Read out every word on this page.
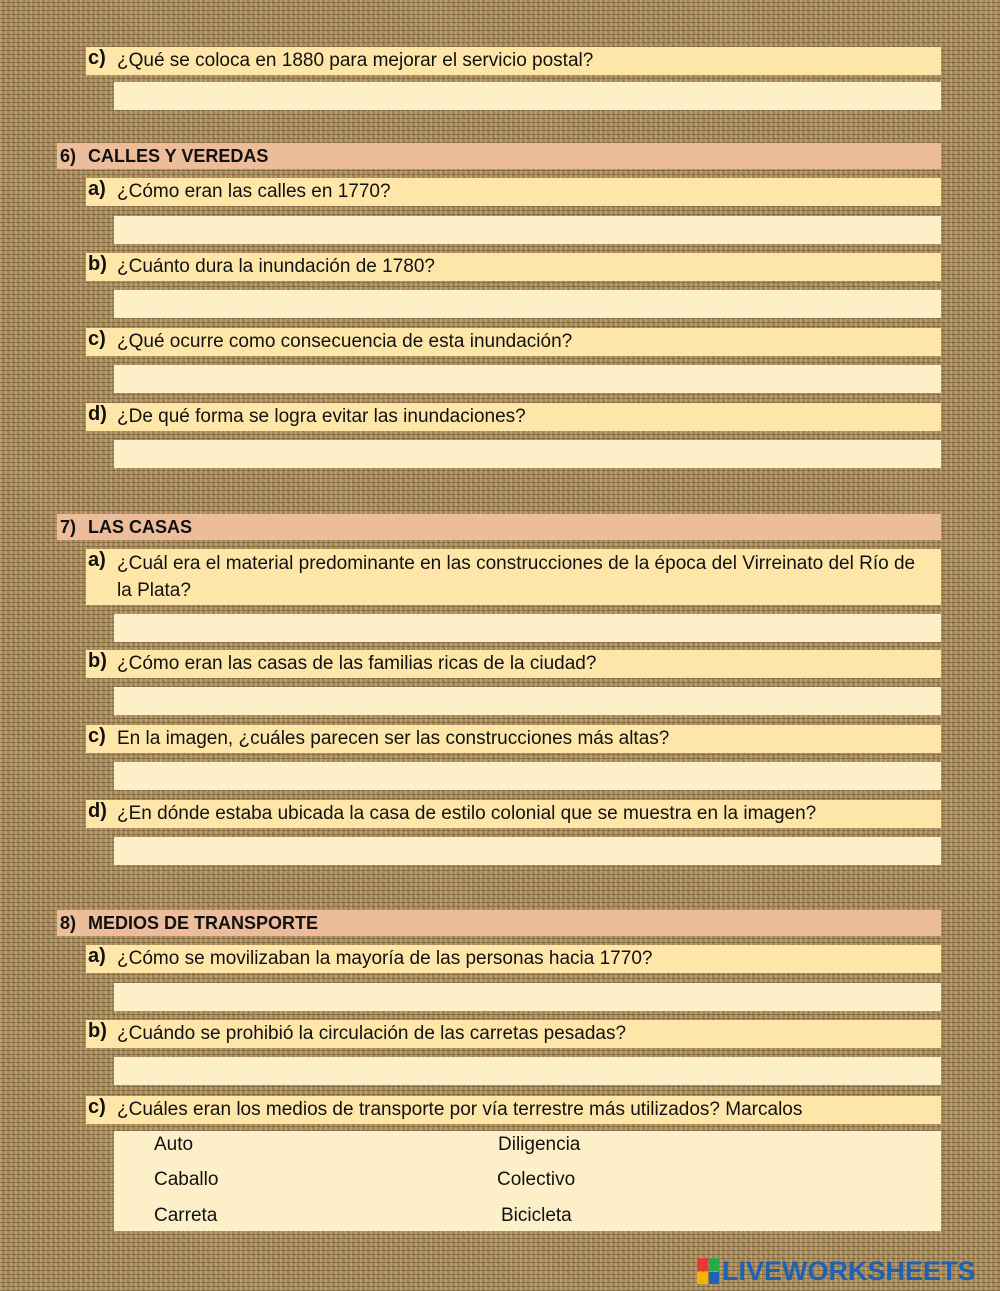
c) ¿Qué se coloca en 1880 para mejorar el servicio postal?
6) CALLES Y VEREDAS
a) ¿Cómo eran las calles en 1770?
b) ¿Cuánto dura la inundación de 1780?
c) ¿Qué ocurre como consecuencia de esta inundación?
d) ¿De qué forma se logra evitar las inundaciones?
7) LAS CASAS
a) ¿Cuál era el material predominante en las construcciones de la época del Virreinato del Río de la Plata?
b) ¿Cómo eran las casas de las familias ricas de la ciudad?
c) En la imagen, ¿cuáles parecen ser las construcciones más altas?
d) ¿En dónde estaba ubicada la casa de estilo colonial que se muestra en la imagen?
8) MEDIOS DE TRANSPORTE
a) ¿Cómo se movilizaban la mayoría de las personas hacia 1770?
b) ¿Cuándo se prohibió la circulación de las carretas pesadas?
c) ¿Cuáles eran los medios de transporte por vía terrestre más utilizados? Marcalos
Auto	Diligencia
Caballo	Colectivo
Carreta	Bicicleta
LIVEWORKSHEETS
